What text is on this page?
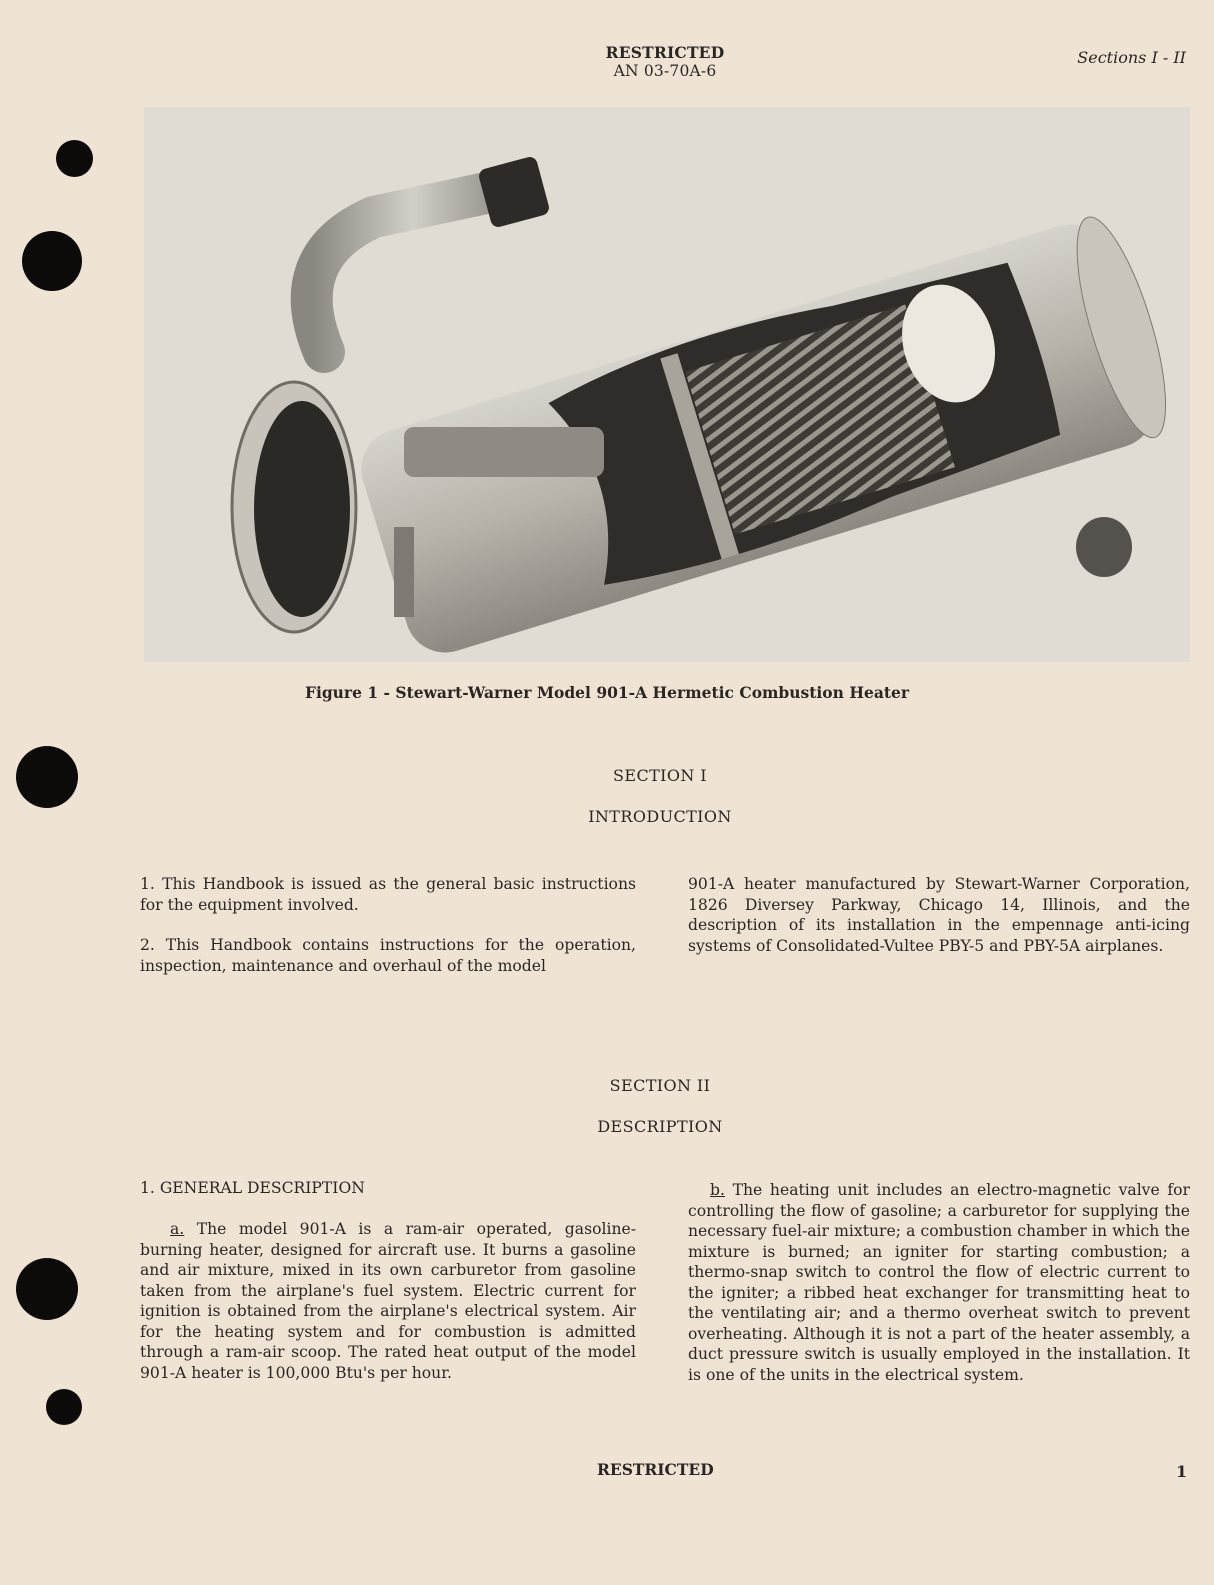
RESTRICTED
AN 03-70A-6
Sections I - II
Figure 1 - Stewart-Warner Model 901-A Hermetic Combustion Heater
SECTION I
INTRODUCTION
1. This Handbook is issued as the general basic instructions for the equipment involved.
2. This Handbook contains instructions for the operation, inspection, maintenance and overhaul of the model
901-A heater manufactured by Stewart-Warner Corporation, 1826 Diversey Parkway, Chicago 14, Illinois, and the description of its installation in the empennage anti-icing systems of Consolidated-Vultee PBY-5 and PBY-5A airplanes.
SECTION II
DESCRIPTION
1. GENERAL DESCRIPTION
a. The model 901-A is a ram-air operated, gasoline-burning heater, designed for aircraft use. It burns a gasoline and air mixture, mixed in its own carburetor from gasoline taken from the airplane's fuel system. Electric current for ignition is obtained from the airplane's electrical system. Air for the heating system and for combustion is admitted through a ram-air scoop. The rated heat output of the model 901-A heater is 100,000 Btu's per hour.
b. The heating unit includes an electro-magnetic valve for controlling the flow of gasoline; a carburetor for supplying the necessary fuel-air mixture; a combustion chamber in which the mixture is burned; an igniter for starting combustion; a thermo-snap switch to control the flow of electric current to the igniter; a ribbed heat exchanger for transmitting heat to the ventilating air; and a thermo overheat switch to prevent overheating. Although it is not a part of the heater assembly, a duct pressure switch is usually employed in the installation. It is one of the units in the electrical system.
RESTRICTED	1
